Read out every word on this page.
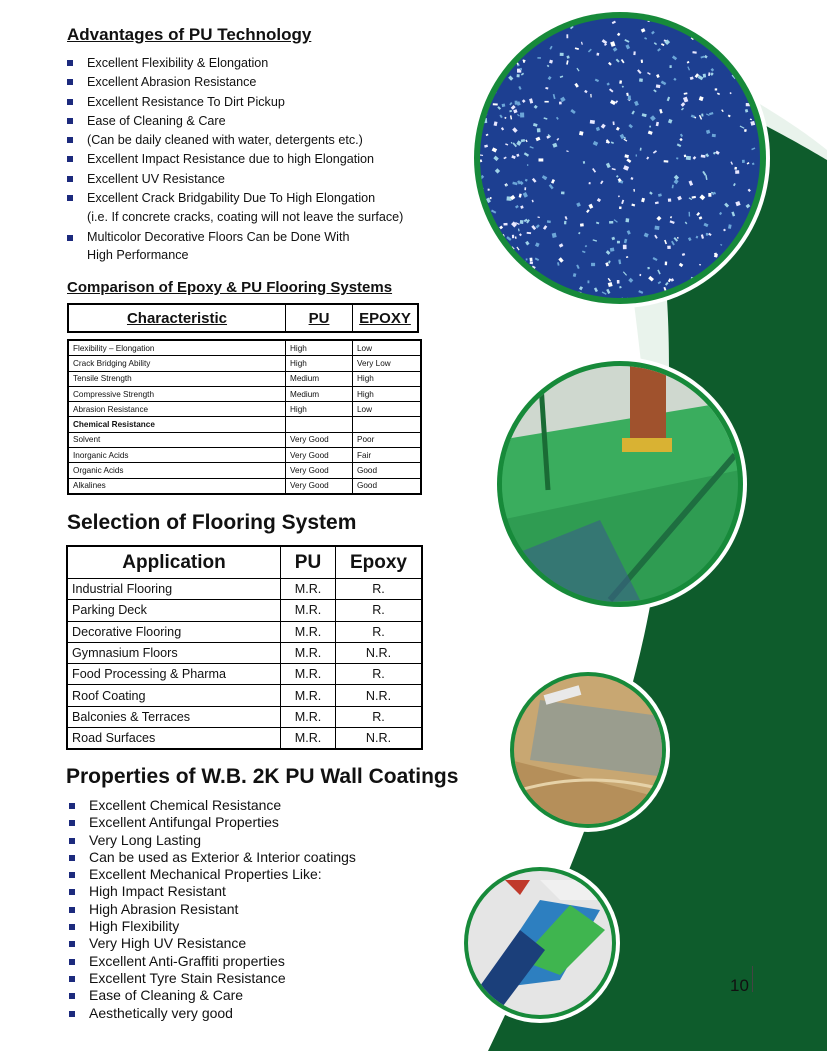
Advantages of PU Technology
Excellent Flexibility & Elongation
Excellent Abrasion Resistance
Excellent Resistance To Dirt Pickup
Ease of Cleaning & Care
(Can be daily cleaned with water, detergents etc.)
Excellent Impact Resistance due to high Elongation
Excellent UV Resistance
Excellent Crack Bridgability Due To High Elongation
(i.e. If concrete cracks, coating will not leave the surface)
Multicolor Decorative Floors Can be Done With
High Performance
Comparison of Epoxy & PU Flooring Systems
Characteristic	PU	EPOXY
Flexibility – Elongation	High	Low
Crack Bridging Ability	High	Very Low
Tensile Strength	Medium	High
Compressive Strength	Medium	High
Abrasion Resistance	High	Low
Chemical Resistance		
Solvent	Very Good	Poor
Inorganic Acids	Very Good	Fair
Organic Acids	Very Good	Good
Alkalines	Very Good	Good
Selection of Flooring System
Application	PU	Epoxy
Industrial Flooring	M.R.	R.
Parking Deck	M.R.	R.
Decorative Flooring	M.R.	R.
Gymnasium Floors	M.R.	N.R.
Food Processing & Pharma	M.R.	R.
Roof Coating	M.R.	N.R.
Balconies & Terraces	M.R.	R.
Road Surfaces	M.R.	N.R.
Properties of W.B. 2K PU Wall Coatings
Excellent Chemical Resistance
Excellent Antifungal Properties
Very Long Lasting
Can be used as Exterior & Interior coatings
Excellent Mechanical Properties Like:
High Impact Resistant
High Abrasion Resistant
High Flexibility
Very High UV Resistance
Excellent Anti-Graffiti properties
Excellent Tyre Stain Resistance
Ease of Cleaning & Care
Aesthetically very good
10
